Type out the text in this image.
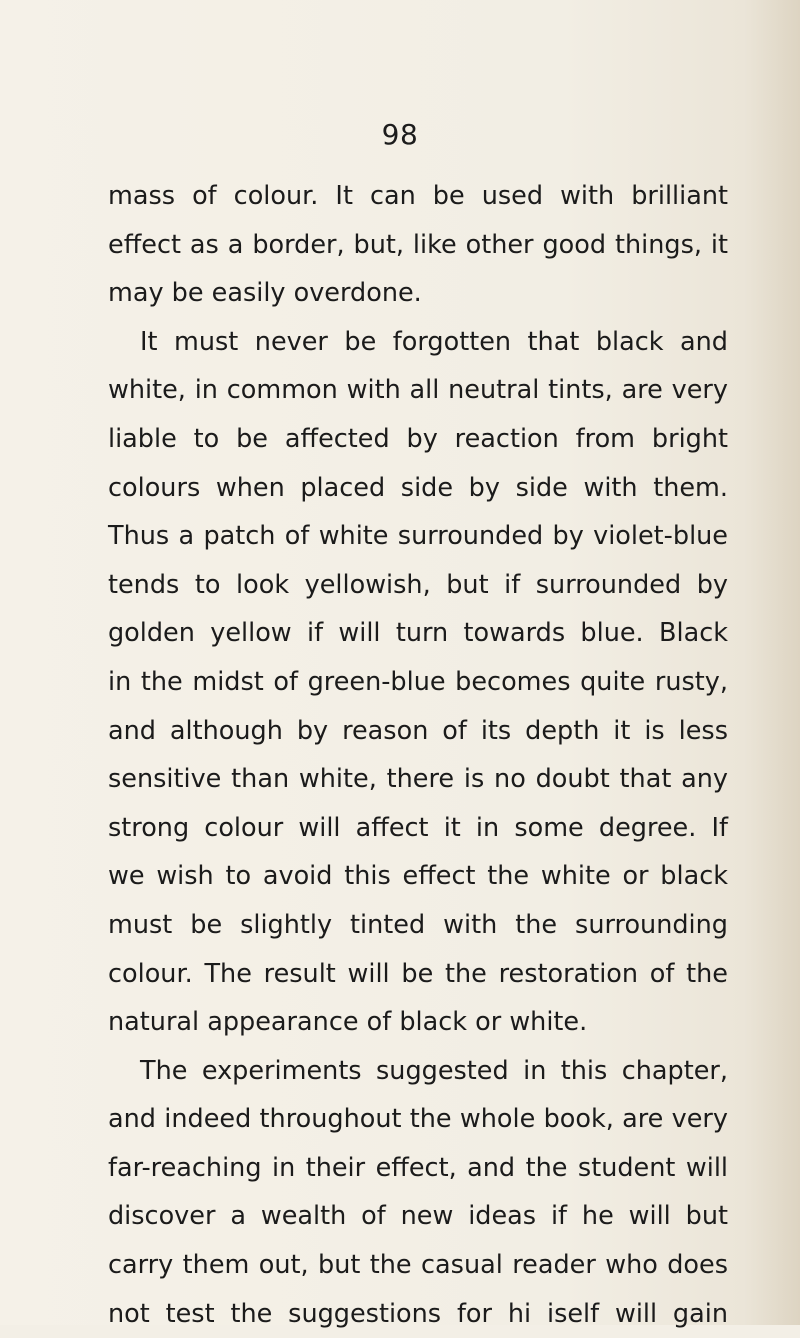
98
mass of colour. It can be used with brilliant
effect as a border, but, like other good things, it
may be easily overdone.
It must never be forgotten that black and
white, in common with all neutral tints, are very
liable to be affected by reaction from bright
colours when placed side by side with them.
Thus a patch of white surrounded by violet-blue
tends to look yellowish, but if surrounded by
golden yellow if will turn towards blue. Black
in the midst of green-blue becomes quite rusty,
and although by reason of its depth it is less
sensitive than white, there is no doubt that any
strong colour will affect it in some degree. If
we wish to avoid this effect the white or black
must be slightly tinted with the surrounding
colour. The result will be the restoration of the
natural appearance of black or white.
The experiments suggested in this chapter,
and indeed throughout the whole book, are very
far-reaching in their effect, and the student will
discover a wealth of new ideas if he will but
carry them out, but the casual reader who does
not test the suggestions for hi iself will gain
